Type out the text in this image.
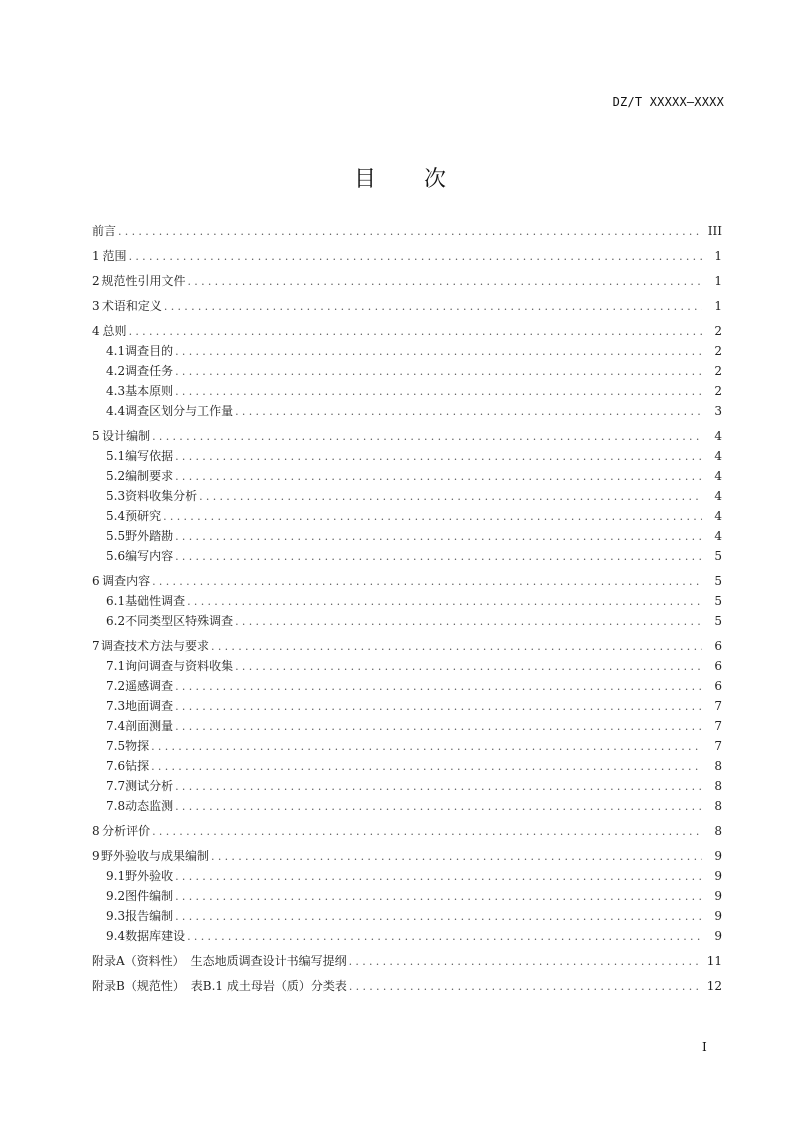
DZ/T XXXXX—XXXX
目 次
前言 .....	III
1 范围 .....	1
2 规范性引用文件 .....	1
3 术语和定义 .....	1
4 总则 .....	2
4.1 调查目的 .....	2
4.2 调查任务 .....	2
4.3 基本原则 .....	2
4.4 调查区划分与工作量 .....	3
5 设计编制 .....	4
5.1 编写依据 .....	4
5.2 编制要求 .....	4
5.3 资料收集分析 .....	4
5.4 预研究 .....	4
5.5 野外踏勘 .....	4
5.6 编写内容 .....	5
6 调查内容 .....	5
6.1 基础性调查 .....	5
6.2 不同类型区特殊调查 .....	5
7 调查技术方法与要求 .....	6
7.1 询问调查与资料收集 .....	6
7.2 遥感调查 .....	6
7.3 地面调查 .....	7
7.4 剖面测量 .....	7
7.5 物探 .....	7
7.6 钻探 .....	8
7.7 测试分析 .....	8
7.8 动态监测 .....	8
8 分析评价 .....	8
9 野外验收与成果编制 .....	9
9.1 野外验收 .....	9
9.2 图件编制 .....	9
9.3 报告编制 .....	9
9.4 数据库建设 .....	9
附录A（资料性） 生态地质调查设计书编写提纲 .....	11
附录B（规范性） 表B.1 成土母岩（质）分类表 .....	12
I
